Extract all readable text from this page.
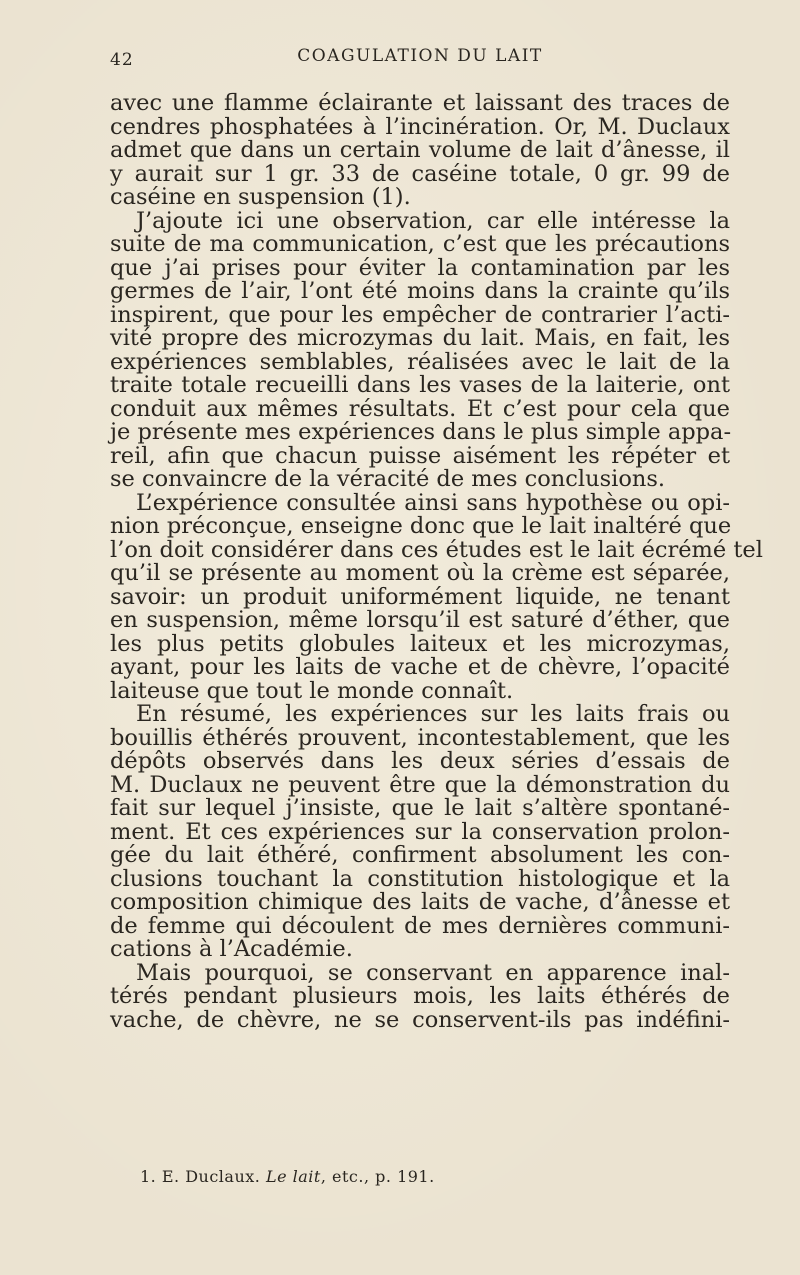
42	COAGULATION DU LAIT
avec une flamme éclairante et laissant des traces de
cendres phosphatées à l’incinération. Or, M. Duclaux
admet que dans un certain volume de lait d’ânesse, il
y aurait sur 1 gr. 33 de caséine totale, 0 gr. 99 de
caséine en suspension (1).
J’ajoute ici une observation, car elle intéresse la
suite de ma communication, c’est que les précautions
que j’ai prises pour éviter la contamination par les
germes de l’air, l’ont été moins dans la crainte qu’ils
inspirent, que pour les empêcher de contrarier l’acti-
vité propre des microzymas du lait. Mais, en fait, les
expériences semblables, réalisées avec le lait de la
traite totale recueilli dans les vases de la laiterie, ont
conduit aux mêmes résultats. Et c’est pour cela que
je présente mes expériences dans le plus simple appa-
reil, afin que chacun puisse aisément les répéter et
se convaincre de la véracité de mes conclusions.
L’expérience consultée ainsi sans hypothèse ou opi-
nion préconçue, enseigne donc que le lait inaltéré que
l’on doit considérer dans ces études est le lait écrémé tel
qu’il se présente au moment où la crème est séparée,
savoir: un produit uniformément liquide, ne tenant
en suspension, même lorsqu’il est saturé d’éther, que
les plus petits globules laiteux et les microzymas,
ayant, pour les laits de vache et de chèvre, l’opacité
laiteuse que tout le monde connaît.
En résumé, les expériences sur les laits frais ou
bouillis éthérés prouvent, incontestablement, que les
dépôts observés dans les deux séries d’essais de
M. Duclaux ne peuvent être que la démonstration du
fait sur lequel j’insiste, que le lait s’altère spontané-
ment. Et ces expériences sur la conservation prolon-
gée du lait éthéré, confirment absolument les con-
clusions touchant la constitution histologique et la
composition chimique des laits de vache, d’ânesse et
de femme qui découlent de mes dernières communi-
cations à l’Académie.
Mais pourquoi, se conservant en apparence inal-
térés pendant plusieurs mois, les laits éthérés de
vache, de chèvre, ne se conservent-ils pas indéfini-
1. E. Duclaux. Le lait, etc., p. 191.
